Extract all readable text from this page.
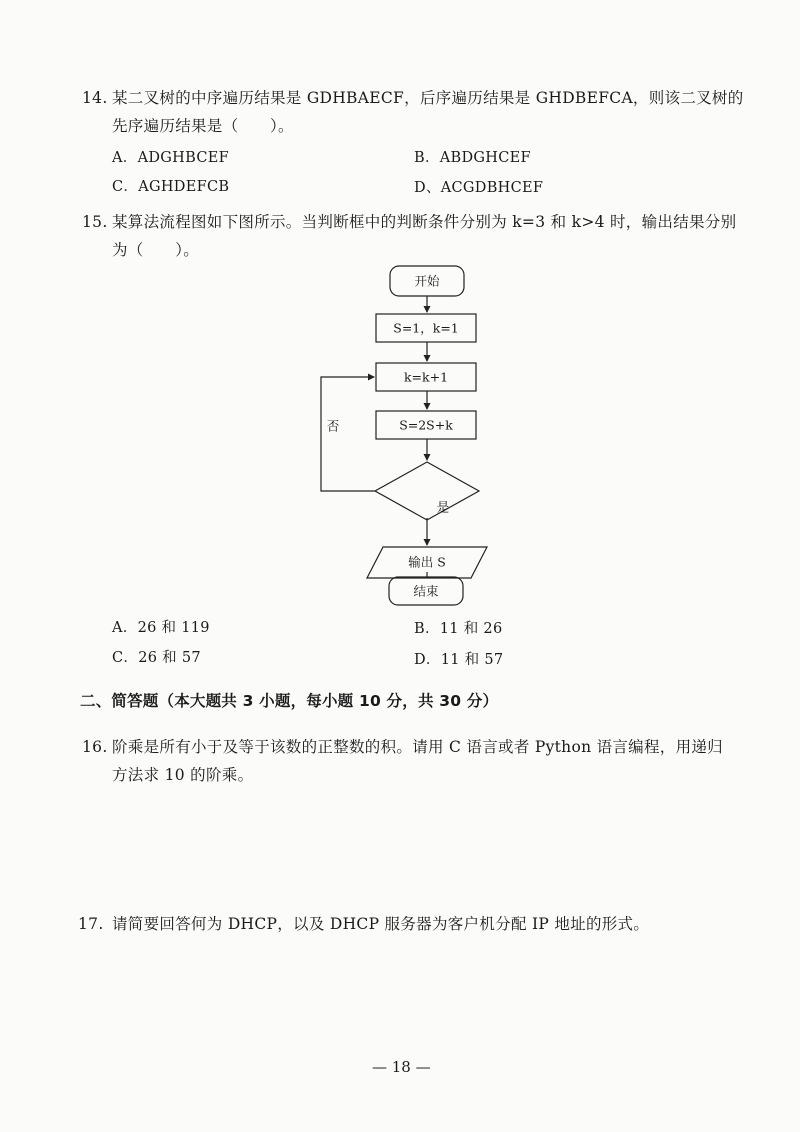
14. 某二叉树的中序遍历结果是 GDHBAECF，后序遍历结果是 GHDBEFCA，则该二叉树的
先序遍历结果是（　　）。
A．ADGHBCEF	B．ABDGHCEF
C．AGHDEFCB	D、ACGDBHCEF
15. 某算法流程图如下图所示。当判断框中的判断条件分别为 k=3 和 k>4 时，输出结果分别
为（　　）。
开始
S=1，k=1
k=k+1
S=2S+k
否
是
输出 S
结束
A．26 和 119	B．11 和 26
C．26 和 57	D．11 和 57
二、简答题（本大题共 3 小题，每小题 10 分，共 30 分）
16. 阶乘是所有小于及等于该数的正整数的积。请用 C 语言或者 Python 语言编程，用递归
方法求 10 的阶乘。
17. 请简要回答何为 DHCP，以及 DHCP 服务器为客户机分配 IP 地址的形式。
— 18 —
